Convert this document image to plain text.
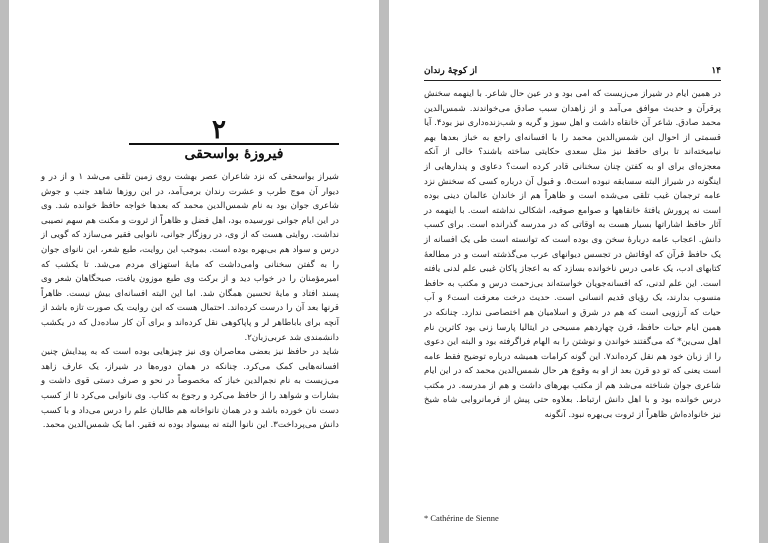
۲
فیروزهٔ بواسحقی

شیراز بواسحقی که نزد شاعران عصر بهشت روی زمین تلقی می‌شد ۱ و از در و دیوار آن موج طرب و عشرت رندان برمی‌آمد، در این روزها شاهد جنب و جوش شاعری جوان بود به نام شمس‌الدین محمد که بعدها خواجه حافظ خوانده شد. وی در این ایام جوانی نورسیده بود، اهل فضل و ظاهراً از ثروت و مکنت هم سهم نصیبی نداشت. روایتی هست که از وی، در روزگار جوانی، نانوایی فقیر می‌سازد که گویی از درس و سواد هم بی‌بهره بوده است. بموجب این روایت، طبع شعر، این نانوای جوان را به گفتن سخنانی وامی‌داشت که مایهٔ استهزای مردم می‌شد. تا یکشب که امیرمؤمنان را در خواب دید و از برکت وی طبع موزون یافت، صبحگاهان شعر وی پسند افتاد و مایهٔ تحسین همگان شد. اما این البته افسانه‌ای بیش نیست. ظاهراً قرنها بعد آن را درست کرده‌اند. احتمال هست که این روایت یک صورت تازه باشد از آنچه برای باباطاهر لر و پاپاکوهی نقل کرده‌اند و برای آن کار ساده‌دل که در یکشب دانشمندی شد عربی‌زبان۲.

شاید در حافظ نیز بعضی معاصران وی نیز چیزهایی بوده است که به پیدایش چنین افسانه‌هایی کمک می‌کرد. چنانکه در همان دوره‌ها در شیراز، یک عارف زاهد می‌زیست به نام نجم‌الدین خباز که مخصوصاً در نحو و صرف دستی قوی داشت و بشارات و شواهد را از حافظ می‌کرد و رجوع به کتاب. وی نانوایی می‌کرد تا از کسب دست نان خورده باشد و در همان نانواخانه هم طالبان علم را درس می‌داد و با کسب دانش می‌پرداخت۳. این نانوا البته نه بیسواد بوده نه فقیر. اما یک شمس‌الدین محمد.

۱۴
از کوچهٔ رندان

در همین ایام در شیراز می‌زیست که امی بود و در عین حال شاعر. با اینهمه سخنش پرقرآن و حدیث موافق می‌آمد و از زاهدان سبب صادق می‌خواندند. شمس‌الدین محمد صادق. شاعر آن خانقاه داشت و اهل سوز و گریه و شب‌زنده‌داری نیز بود۴. آیا قسمتی از احوال این شمس‌الدین محمد را با افسانه‌ای راجع به خباز بعدها بهم نیامیخته‌اند تا برای حافظ نیز مثل سعدی حکایتی ساخته باشند؟ خالی از آنکه معجزه‌ای برای او به کفتن چنان سخنانی قادر کرده است؟ دعاوی و پندارهایی از اینگونه در شیراز البته سسابقه نبوده است۵. و قبول آن درباره کسی که سخنش نزد عامه ترجمان غیب تلقی می‌شده است و ظاهراً هم از خاندان عالمان دینی بوده است نه پرورش یافتهٔ خانقاهها و صوامع صوفیه، اشکالی نداشته است. با اینهمه در آثار حافظ اشاراتها بسیار هست به اوقاتی که در مدرسه گذرانده است. برای کسب دانش. اعجاب عامه دربارهٔ سخن وی بوده است که توانسته است طی یک افسانه از یک حافظ قرآن که اوقاتش در تجسس دیوانهای عرب می‌گذشته است و در مطالعهٔ کتابهای ادب، یک عامی درس ناخوانده بسازد که به اعجاز پاکان غیبی علم لدنی یافته است. این علم لدنی، که افسانه‌جویان خواسته‌اند بی‌زحمت درس و مکتب به حافظ منسوب بدارند، یک رؤیای قدیم انسانی است. حدیث درخت معرفت است۶ و آب حیات که آرزویی است که هم در شرق و اسلامیان هم اختصاصی ندارد. چنانکه در همین ایام حیات حافظ، قرن چهاردهم مسیحی در ایتالیا پارسا زنی بود کاترین نام اهل سی‌ین* که می‌گفتند خواندن و نوشتن را به الهام فراگرفته بود و البته این دعوی را از زبان خود هم نقل کرده‌اند۷. این گونه کرامات همیشه درباره توضیح فقط عامه است یعنی که تو دو قرن بعد از او به وقوع هر حال شمس‌الدین محمد که در این ایام شاعری جوان شناخته می‌شد هم از مکتب بهرهای داشت و هم از مدرسه. در مکتب درس خوانده بود و با اهل دانش ارتباط. بعلاوه حتی پیش از فرمانروایی شاه شیخ نیز خانواده‌اش ظاهراً از ثروت بی‌بهره نبود. آنگونه

* Cathérine de Sienne
